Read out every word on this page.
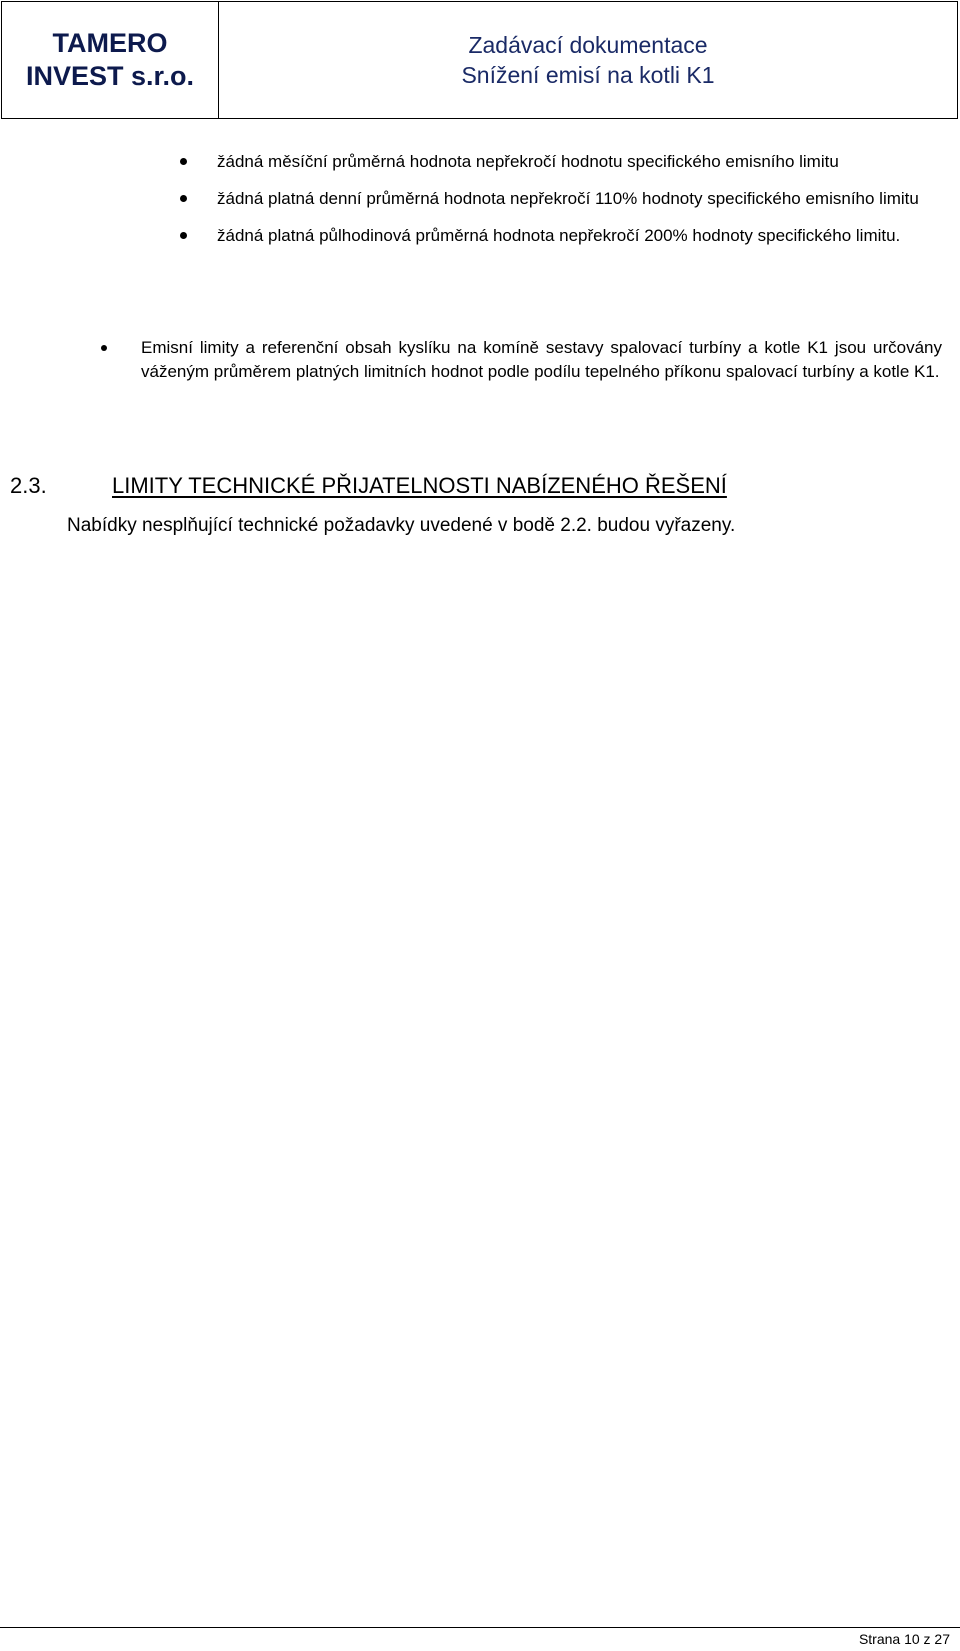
TAMERO
INVEST s.r.o.
Zadávací dokumentace
Snížení emisí na kotli K1
žádná měsíční průměrná hodnota nepřekročí hodnotu specifického emisního limitu
žádná platná denní průměrná hodnota nepřekročí 110% hodnoty specifického emisního limitu
žádná platná půlhodinová průměrná hodnota nepřekročí 200% hodnoty specifického limitu.
Emisní limity a referenční obsah kyslíku na komíně sestavy spalovací turbíny a kotle K1 jsou určovány váženým průměrem platných limitních hodnot podle podílu tepelného příkonu spalovací turbíny a kotle K1.
2.3.	LIMITY TECHNICKÉ PŘIJATELNOSTI NABÍZENÉHO ŘEŠENÍ
Nabídky nesplňující technické požadavky uvedené v bodě 2.2. budou vyřazeny.
Strana 10 z 27
